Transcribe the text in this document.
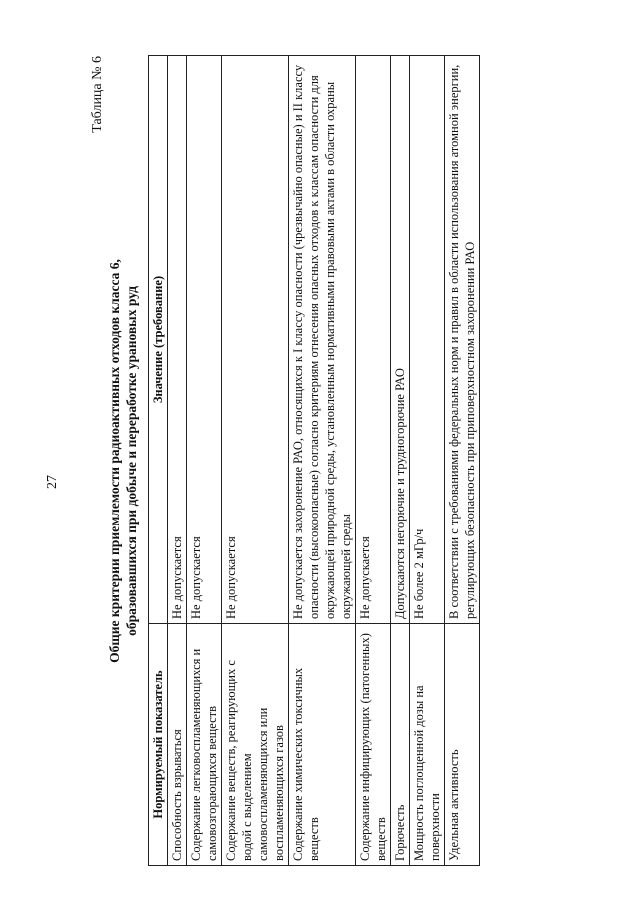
27
Таблица № 6
Общие критерии приемлемости радиоактивных отходов класса 6, образовавшихся при добыче и переработке урановых руд
Нормируемый показатель	Значение (требование)
Способность взрываться	Не допускается
Содержание легковоспламеняющихся и самовозгорающихся веществ	Не допускается
Содержание веществ, реагирующих с водой с выделением самовоспламеняющихся или воспламеняющихся газов	Не допускается
Содержание химических токсичных веществ	Не допускается захоронение РАО, относящихся к I классу опасности (чрезвычайно опасные) и II классу опасности (высокоопасные) согласно критериям отнесения опасных отходов к классам опасности для окружающей природной среды, установленным нормативными правовыми актами в области охраны окружающей среды
Содержание инфицирующих (патогенных) веществ	Не допускается
Горючесть	Допускаются негорючие и трудногорючие РАО
Мощность поглощенной дозы на поверхности	Не более 2 мГр/ч
Удельная активность	В соответствии с требованиями федеральных норм и правил в области использования атомной энергии, регулирующих безопасность при приповерхностном захоронении РАО
